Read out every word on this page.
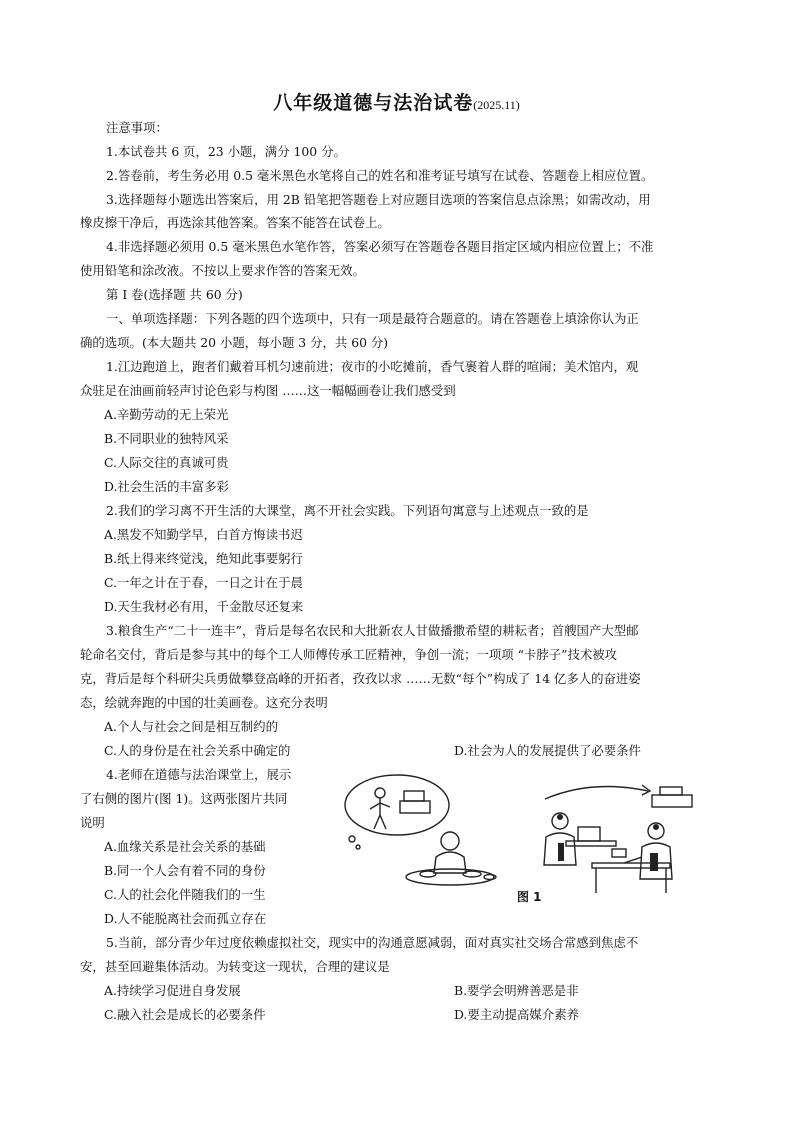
八年级道德与法治试卷(2025.11)
注意事项：
1.本试卷共 6 页，23 小题，满分 100 分。
2.答卷前，考生务必用 0.5 毫米黑色水笔将自己的姓名和准考证号填写在试卷、答题卷上相应位置。
3.选择题每小题选出答案后，用 2B 铅笔把答题卷上对应题目选项的答案信息点涂黑；如需改动，用
橡皮擦干净后，再选涂其他答案。答案不能答在试卷上。
4.非选择题必须用 0.5 毫米黑色水笔作答，答案必须写在答题卷各题目指定区域内相应位置上；不准
使用铅笔和涂改液。不按以上要求作答的答案无效。
第 I 卷(选择题 共 60 分)
一、单项选择题：下列各题的四个选项中，只有一项是最符合题意的。请在答题卷上填涂你认为正
确的选项。(本大题共 20 小题，每小题 3 分，共 60 分)
1.江边跑道上，跑者们戴着耳机匀速前进；夜市的小吃摊前，香气裹着人群的喧闹；美术馆内，观
众驻足在油画前轻声讨论色彩与构图 ……这一幅幅画卷让我们感受到
A.辛勤劳动的无上荣光
B.不同职业的独特风采
C.人际交往的真诚可贵
D.社会生活的丰富多彩
2.我们的学习离不开生活的大课堂，离不开社会实践。下列语句寓意与上述观点一致的是
A.黑发不知勤学早，白首方悔读书迟
B.纸上得来终觉浅，绝知此事要躬行
C.一年之计在于春，一日之计在于晨
D.天生我材必有用，千金散尽还复来
3.粮食生产“二十一连丰”，背后是每名农民和大批新农人甘做播撒希望的耕耘者；首艘国产大型邮
轮命名交付，背后是参与其中的每个工人师傅传承工匠精神，争创一流；一项项 “卡脖子”技术被攻
克，背后是每个科研尖兵勇做攀登高峰的开拓者，孜孜以求 ……无数“每个”构成了 14 亿多人的奋进姿
态，绘就奔跑的中国的壮美画卷。这充分表明
A.个人与社会之间是相互制约的
C.人的身份是在社会关系中确定的	D.社会为人的发展提供了必要条件
4.老师在道德与法治课堂上，展示
了右侧的图片(图 1)。这两张图片共同
说明
A.血缘关系是社会关系的基础
B.同一个人会有着不同的身份
C.人的社会化伴随我们的一生
D.人不能脱离社会而孤立存在
图 1
5.当前，部分青少年过度依赖虚拟社交，现实中的沟通意愿减弱，面对真实社交场合常感到焦虑不
安，甚至回避集体活动。为转变这一现状，合理的建议是
A.持续学习促进自身发展	B.要学会明辨善恶是非
C.融入社会是成长的必要条件	D.要主动提高媒介素养
